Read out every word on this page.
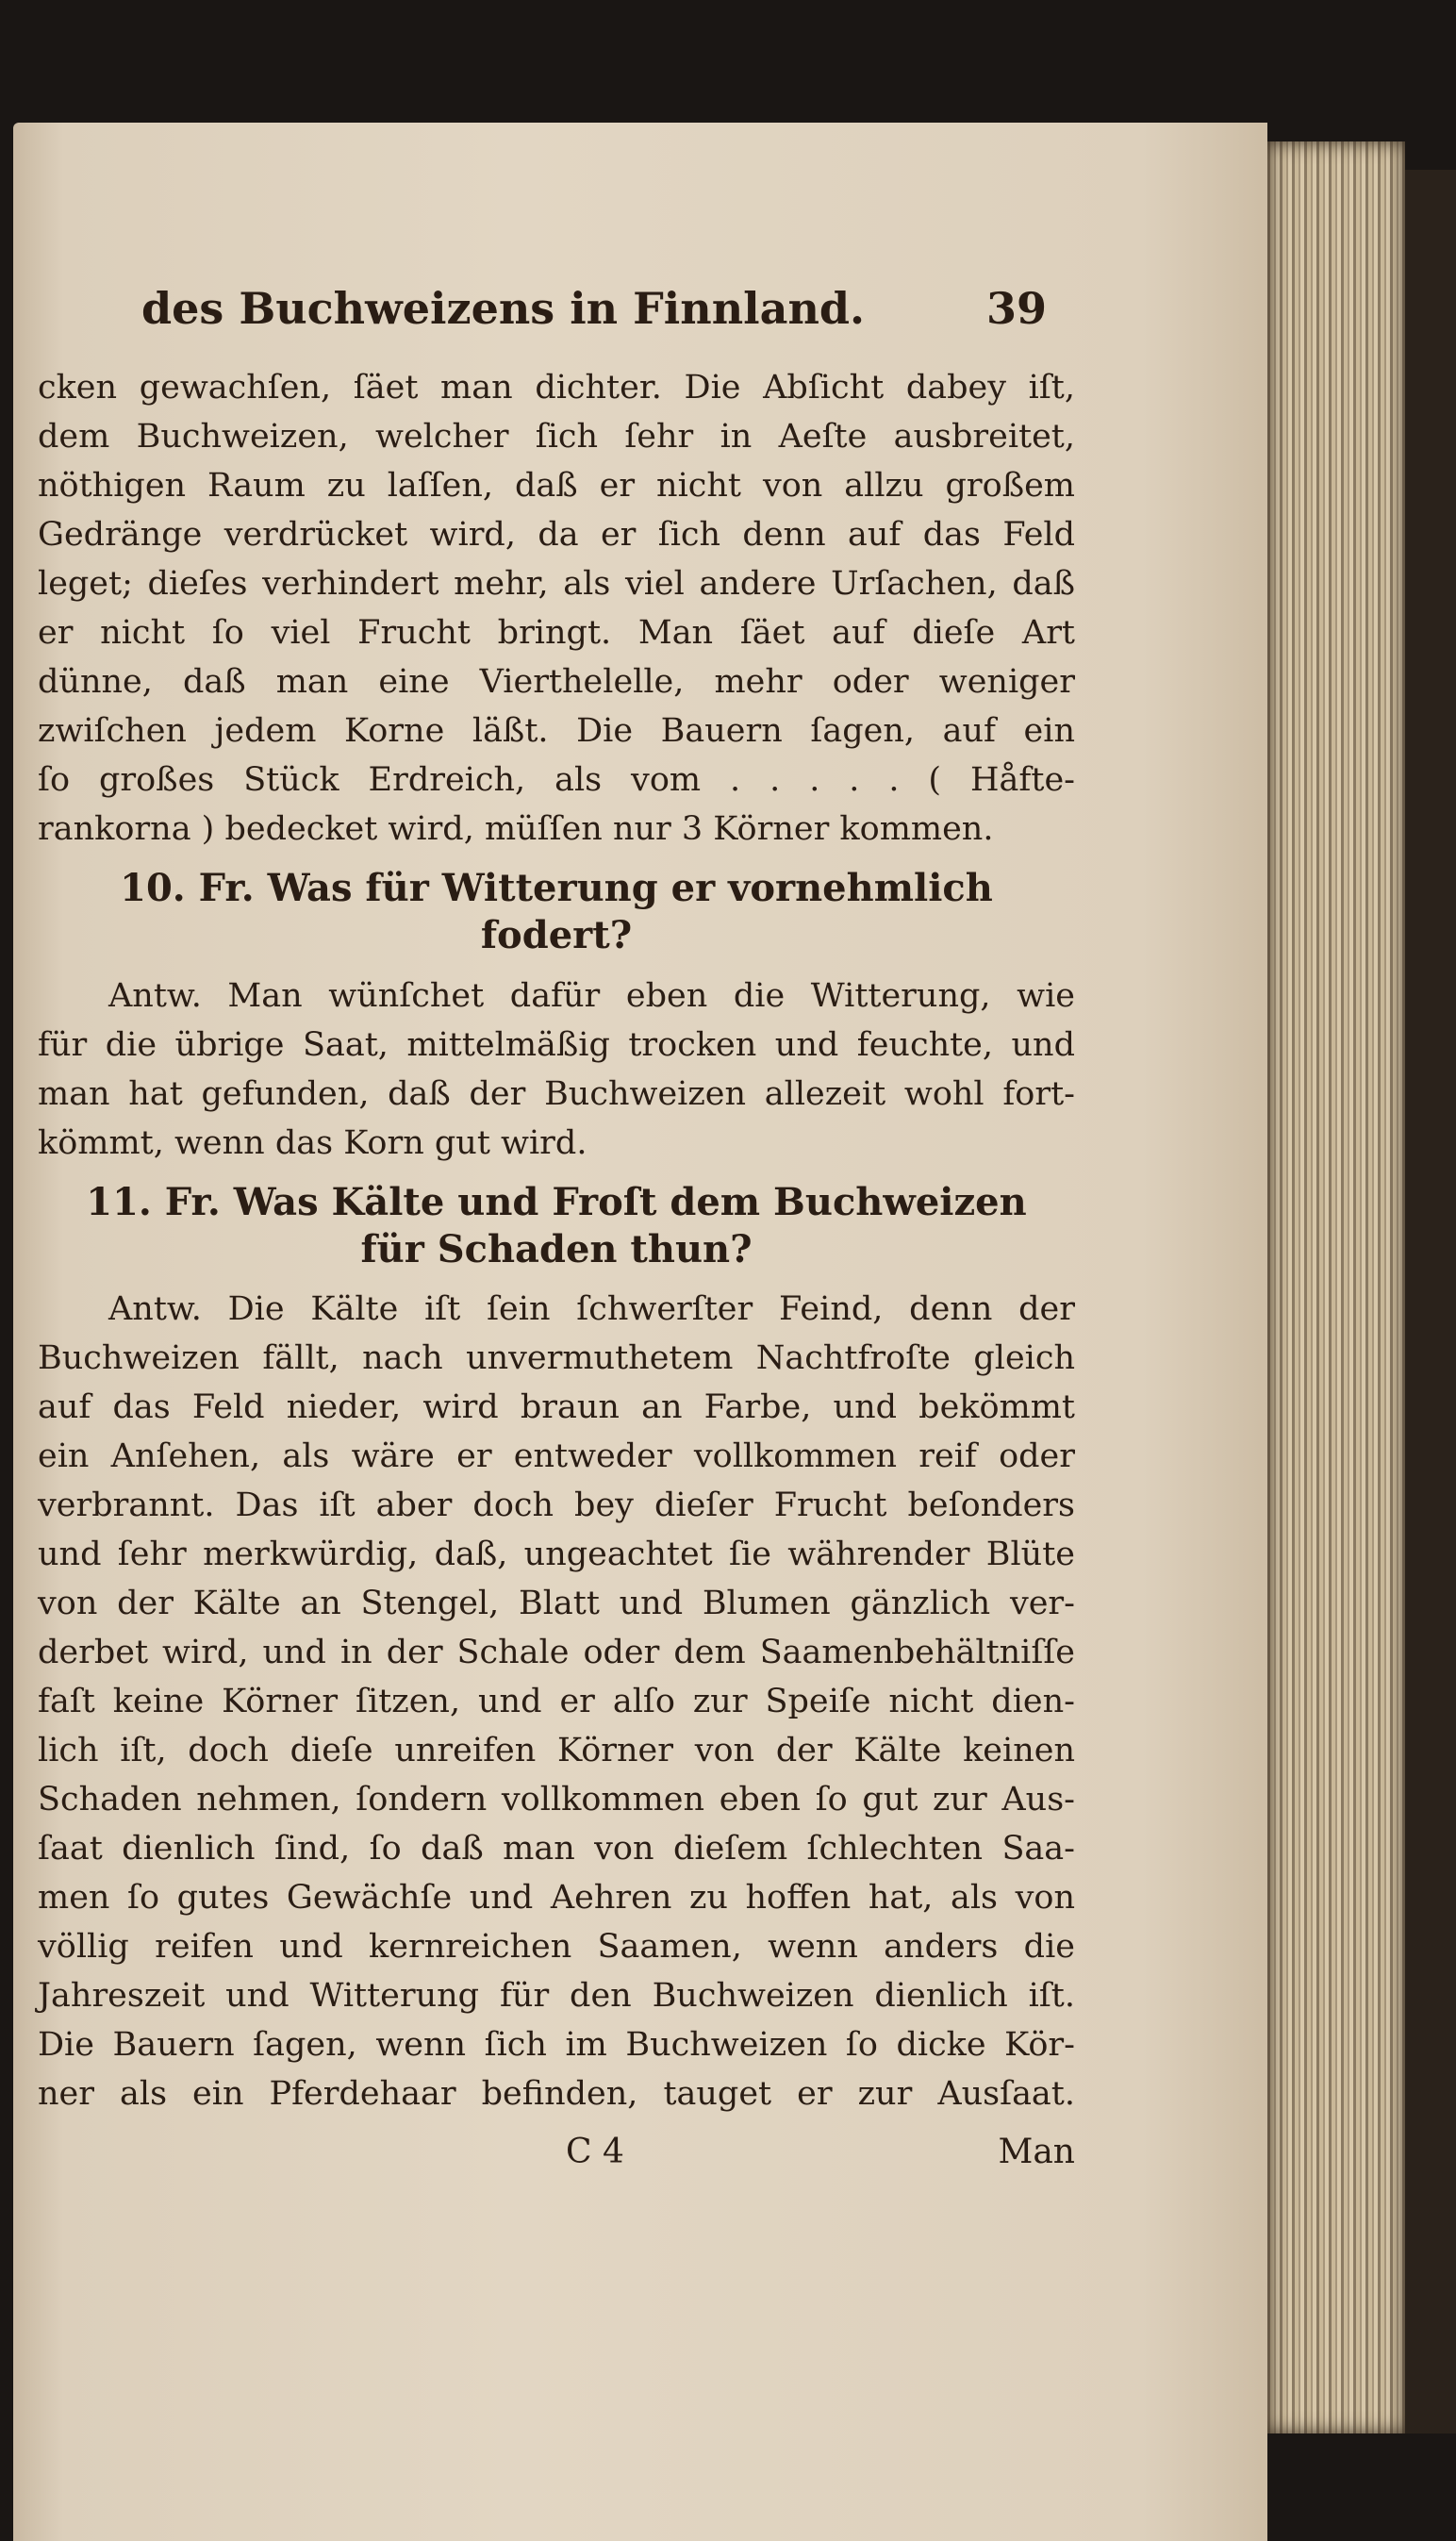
des Buchweizens in Finnland.	39
cken gewachſen, ſäet man dichter. Die Abſicht dabey iſt,
dem Buchweizen, welcher ſich ſehr in Aeſte ausbreitet,
nöthigen Raum zu laſſen, daß er nicht von allzu großem
Gedränge verdrücket wird, da er ſich denn auf das Feld
leget; dieſes verhindert mehr, als viel andere Urſachen, daß
er nicht ſo viel Frucht bringt. Man ſäet auf dieſe Art
dünne, daß man eine Vierthelelle, mehr oder weniger
zwiſchen jedem Korne läßt. Die Bauern ſagen, auf ein
ſo großes Stück Erdreich, als vom . . . . . ( Håfte-
rankorna ) bedecket wird, müſſen nur 3 Körner kommen.
10. Fr. Was für Witterung er vornehmlich
fodert?
Antw. Man wünſchet dafür eben die Witterung, wie
für die übrige Saat, mittelmäßig trocken und feuchte, und
man hat gefunden, daß der Buchweizen allezeit wohl fort-
kömmt, wenn das Korn gut wird.
11. Fr. Was Kälte und Froſt dem Buchweizen
für Schaden thun?
Antw. Die Kälte iſt ſein ſchwerſter Feind, denn der
Buchweizen fällt, nach unvermuthetem Nachtfroſte gleich
auf das Feld nieder, wird braun an Farbe, und bekömmt
ein Anſehen, als wäre er entweder vollkommen reif oder
verbrannt. Das iſt aber doch bey dieſer Frucht beſonders
und ſehr merkwürdig, daß, ungeachtet ſie währender Blüte
von der Kälte an Stengel, Blatt und Blumen gänzlich ver-
derbet wird, und in der Schale oder dem Saamenbehältniſſe
faſt keine Körner ſitzen, und er alſo zur Speiſe nicht dien-
lich iſt, doch dieſe unreifen Körner von der Kälte keinen
Schaden nehmen, ſondern vollkommen eben ſo gut zur Aus-
ſaat dienlich ſind, ſo daß man von dieſem ſchlechten Saa-
men ſo gutes Gewächſe und Aehren zu hoffen hat, als von
völlig reifen und kernreichen Saamen, wenn anders die
Jahreszeit und Witterung für den Buchweizen dienlich iſt.
Die Bauern ſagen, wenn ſich im Buchweizen ſo dicke Kör-
ner als ein Pferdehaar befinden, tauget er zur Ausſaat.
C 4	Man
